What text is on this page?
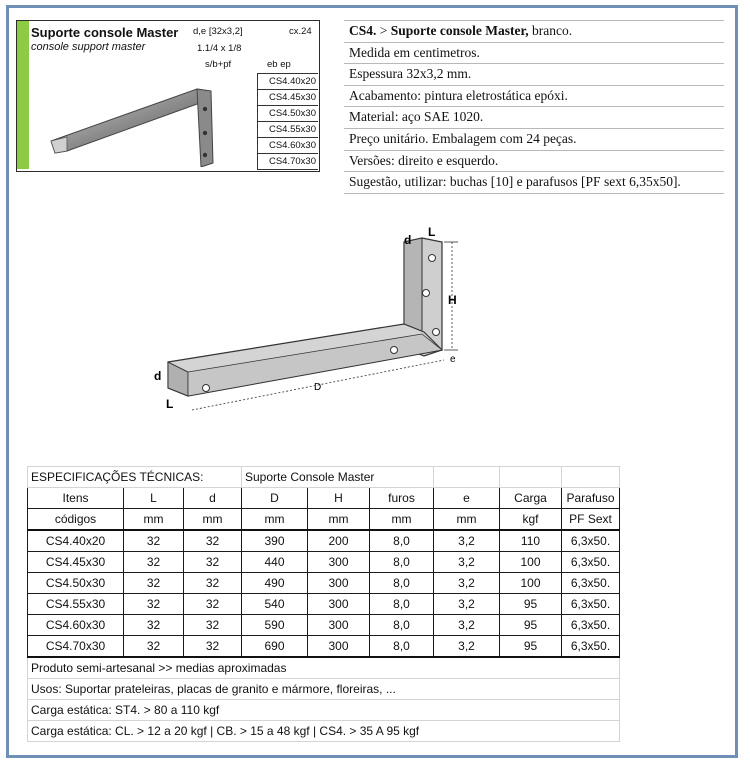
Suporte console Master
console support master
d,e [32x3,2]	cx.24
1.1/4 x 1/8
s/b+pf	eb ep
CS4.40x20
CS4.45x30
CS4.50x30
CS4.55x30
CS4.60x30
CS4.70x30
CS4. > Suporte console Master, branco.
Medida em centimetros.
Espessura 32x3,2 mm.
Acabamento: pintura eletrostática epóxi.
Material: aço SAE 1020.
Preço unitário. Embalagem com 24 peças.
Versões: direito e esquerdo.
Sugestão, utilizar: buchas [10] e parafusos [PF sext 6,35x50].
d
L
H
e
d
L
D
ESPECIFICAÇÕES TÉCNICAS:			Suporte Console Master					
Itens	L	d	D	H	furos	e	Carga	Parafuso
códigos	mm	mm	mm	mm	mm	mm	kgf	PF Sext
CS4.40x20	32	32	390	200	8,0	3,2	110	6,3x50.
CS4.45x30	32	32	440	300	8,0	3,2	100	6,3x50.
CS4.50x30	32	32	490	300	8,0	3,2	100	6,3x50.
CS4.55x30	32	32	540	300	8,0	3,2	95	6,3x50.
CS4.60x30	32	32	590	300	8,0	3,2	95	6,3x50.
CS4.70x30	32	32	690	300	8,0	3,2	95	6,3x50.
Produto semi-artesanal >> medias aproximadas								
Usos: Suportar prateleiras, placas de granito e mármore, floreiras, ...								
Carga estática: ST4. > 80 a 110 kgf								
Carga estática: CL. > 12 a 20 kgf | CB. > 15 a 48 kgf | CS4. > 35 A 95 kgf								
